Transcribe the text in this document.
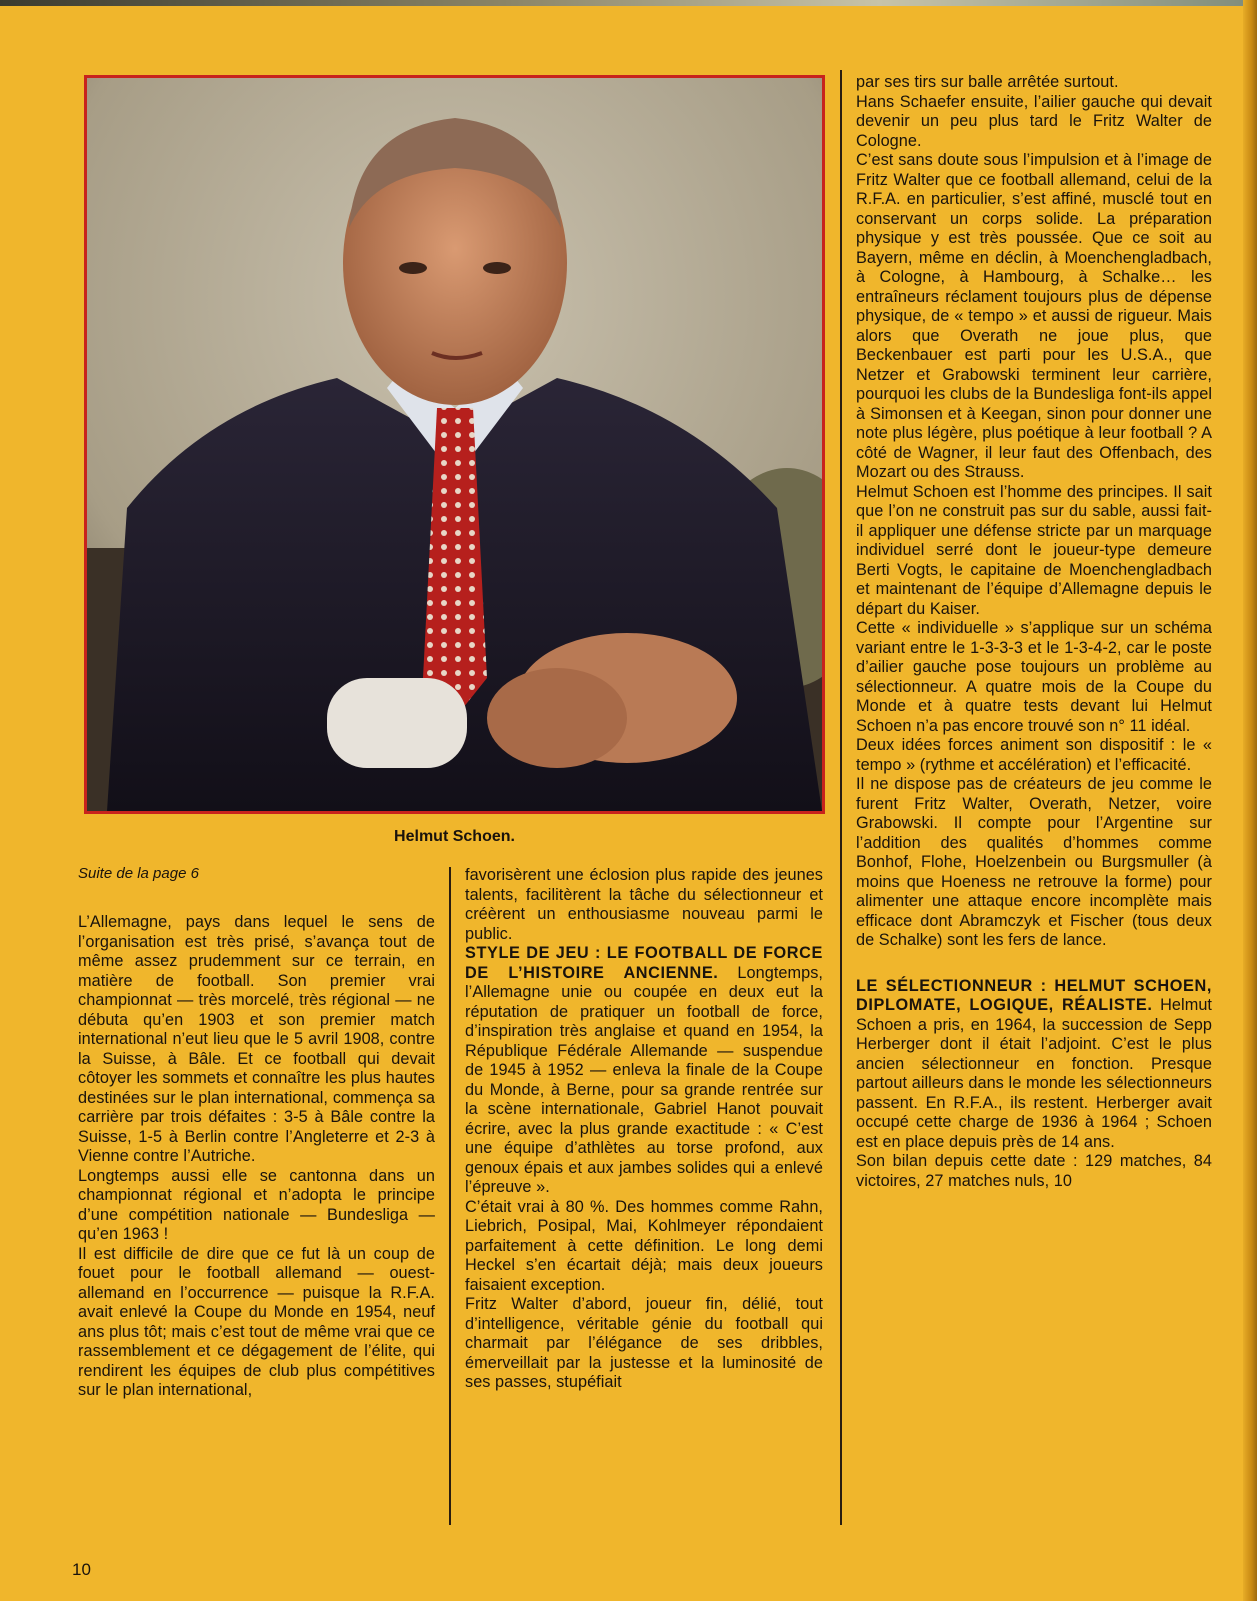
Helmut Schoen.
Suite de la page 6

L’Allemagne, pays dans lequel le sens de l’organisation est très prisé, s’avança tout de même assez prudemment sur ce terrain, en matière de football. Son premier vrai championnat — très morcelé, très régional — ne débuta qu’en 1903 et son premier match international n’eut lieu que le 5 avril 1908, contre la Suisse, à Bâle. Et ce football qui devait côtoyer les sommets et connaître les plus hautes destinées sur le plan international, commença sa carrière par trois défaites : 3-5 à Bâle contre la Suisse, 1-5 à Berlin contre l’Angleterre et 2-3 à Vienne contre l’Autriche.

Longtemps aussi elle se cantonna dans un championnat régional et n’adopta le principe d’une compétition nationale — Bundesliga — qu’en 1963 !

Il est difficile de dire que ce fut là un coup de fouet pour le football allemand — ouest-allemand en l’occurrence — puisque la R.F.A. avait enlevé la Coupe du Monde en 1954, neuf ans plus tôt; mais c’est tout de même vrai que ce rassemblement et ce dégagement de l’élite, qui rendirent les équipes de club plus compétitives sur le plan international,

favorisèrent une éclosion plus rapide des jeunes talents, facilitèrent la tâche du sélectionneur et créèrent un enthousiasme nouveau parmi le public.

STYLE DE JEU : LE FOOTBALL DE FORCE DE L’HISTOIRE ANCIENNE. Longtemps, l’Allemagne unie ou coupée en deux eut la réputation de pratiquer un football de force, d’inspiration très anglaise et quand en 1954, la République Fédérale Allemande — suspendue de 1945 à 1952 — enleva la finale de la Coupe du Monde, à Berne, pour sa grande rentrée sur la scène internationale, Gabriel Hanot pouvait écrire, avec la plus grande exactitude : « C’est une équipe d’athlètes au torse profond, aux genoux épais et aux jambes solides qui a enlevé l’épreuve ».

C’était vrai à 80 %. Des hommes comme Rahn, Liebrich, Posipal, Mai, Kohlmeyer répondaient parfaitement à cette définition. Le long demi Heckel s’en écartait déjà; mais deux joueurs faisaient exception.

Fritz Walter d’abord, joueur fin, délié, tout d’intelligence, véritable génie du football qui charmait par l’élégance de ses dribbles, émerveillait par la justesse et la luminosité de ses passes, stupéfiait

par ses tirs sur balle arrêtée surtout.

Hans Schaefer ensuite, l’ailier gauche qui devait devenir un peu plus tard le Fritz Walter de Cologne.

C’est sans doute sous l’impulsion et à l’image de Fritz Walter que ce football allemand, celui de la R.F.A. en particulier, s’est affiné, musclé tout en conservant un corps solide. La préparation physique y est très poussée. Que ce soit au Bayern, même en déclin, à Moenchengladbach, à Cologne, à Hambourg, à Schalke… les entraîneurs réclament toujours plus de dépense physique, de « tempo » et aussi de rigueur. Mais alors que Overath ne joue plus, que Beckenbauer est parti pour les U.S.A., que Netzer et Grabowski terminent leur carrière, pourquoi les clubs de la Bundesliga font-ils appel à Simonsen et à Keegan, sinon pour donner une note plus légère, plus poétique à leur football ? A côté de Wagner, il leur faut des Offenbach, des Mozart ou des Strauss.

Helmut Schoen est l’homme des principes. Il sait que l’on ne construit pas sur du sable, aussi fait-il appliquer une défense stricte par un marquage individuel serré dont le joueur-type demeure Berti Vogts, le capitaine de Moenchengladbach et maintenant de l’équipe d’Allemagne depuis le départ du Kaiser.

Cette « individuelle » s’applique sur un schéma variant entre le 1-3-3-3 et le 1-3-4-2, car le poste d’ailier gauche pose toujours un problème au sélectionneur. A quatre mois de la Coupe du Monde et à quatre tests devant lui Helmut Schoen n’a pas encore trouvé son n° 11 idéal.

Deux idées forces animent son dispositif : le « tempo » (rythme et accélération) et l’efficacité.

Il ne dispose pas de créateurs de jeu comme le furent Fritz Walter, Overath, Netzer, voire Grabowski. Il compte pour l’Argentine sur l’addition des qualités d’hommes comme Bonhof, Flohe, Hoelzenbein ou Burgsmuller (à moins que Hoeness ne retrouve la forme) pour alimenter une attaque encore incomplète mais efficace dont Abramczyk et Fischer (tous deux de Schalke) sont les fers de lance.

LE SÉLECTIONNEUR : HELMUT SCHOEN, DIPLOMATE, LOGIQUE, RÉALISTE. Helmut Schoen a pris, en 1964, la succession de Sepp Herberger dont il était l’adjoint. C’est le plus ancien sélectionneur en fonction. Presque partout ailleurs dans le monde les sélectionneurs passent. En R.F.A., ils restent. Herberger avait occupé cette charge de 1936 à 1964 ; Schoen est en place depuis près de 14 ans.

Son bilan depuis cette date : 129 matches, 84 victoires, 27 matches nuls, 10

10
